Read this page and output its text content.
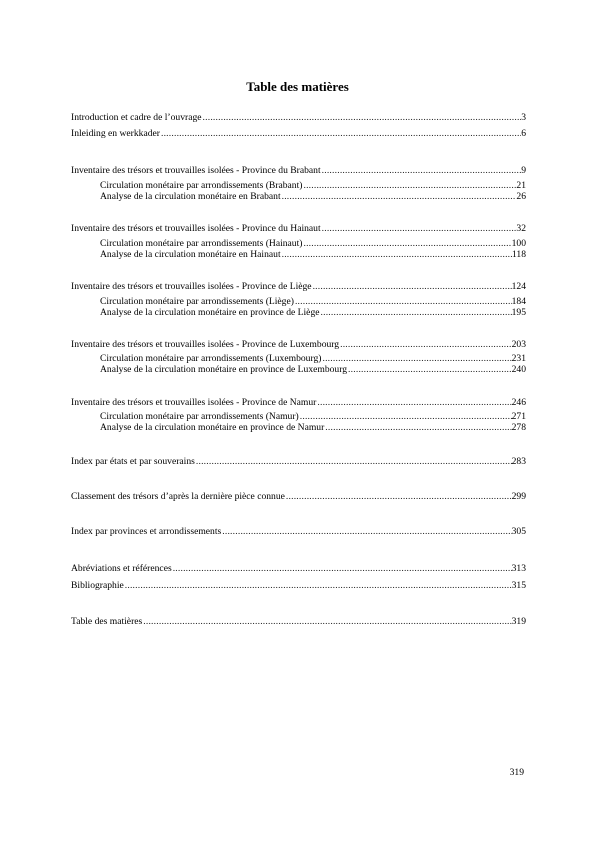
Table des matières
Introduction et cadre de l’ouvrage .....	3
Inleiding en werkkader .....	6
Inventaire des trésors et trouvailles isolées - Province du Brabant .....	9
Circulation monétaire par arrondissements (Brabant) .....	21
Analyse de la circulation monétaire en Brabant .....	26
Inventaire des trésors et trouvailles isolées - Province du Hainaut .....	32
Circulation monétaire par arrondissements (Hainaut) .....	100
Analyse de la circulation monétaire en Hainaut .....	118
Inventaire des trésors et trouvailles isolées - Province de Liège .....	124
Circulation monétaire par arrondissements (Liège) .....	184
Analyse de la circulation monétaire en province de Liège .....	195
Inventaire des trésors et trouvailles isolées - Province de Luxembourg .....	203
Circulation monétaire par arrondissements (Luxembourg) .....	231
Analyse de la circulation monétaire en province de Luxembourg .....	240
Inventaire des trésors et trouvailles isolées - Province de Namur .....	246
Circulation monétaire par arrondissements (Namur) .....	271
Analyse de la circulation monétaire en province de Namur .....	278
Index par états et par souverains .....	283
Classement des trésors d’après la dernière pièce connue .....	299
Index par provinces et arrondissements .....	305
Abréviations et références .....	313
Bibliographie .....	315
Table des matières .....	319
319
